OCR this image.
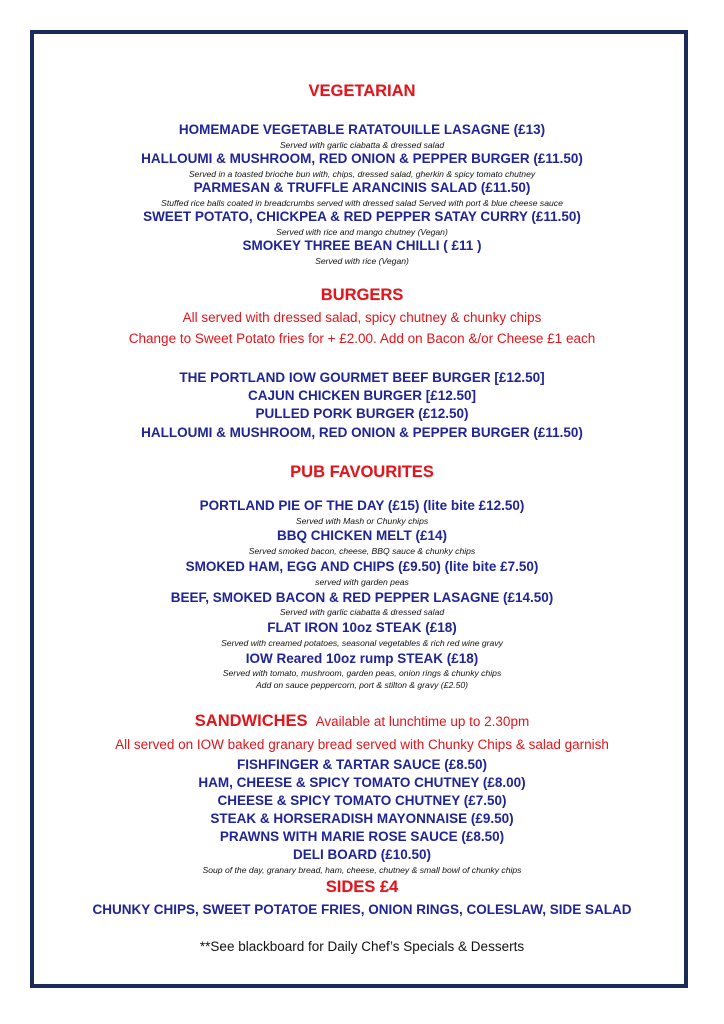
VEGETARIAN
HOMEMADE VEGETABLE RATATOUILLE LASAGNE (£13)
Served with garlic ciabatta & dressed salad
HALLOUMI & MUSHROOM, RED ONION & PEPPER BURGER (£11.50)
Served in a toasted brioche bun with, chips, dressed salad, gherkin & spicy tomato chutney
PARMESAN & TRUFFLE ARANCINIS SALAD (£11.50)
Stuffed rice balls coated in breadcrumbs served with dressed salad Served with port & blue cheese sauce
SWEET POTATO, CHICKPEA & RED PEPPER SATAY CURRY (£11.50)
Served with rice and mango chutney (Vegan)
SMOKEY THREE BEAN CHILLI ( £11 )
Served with rice (Vegan)
BURGERS
All served with dressed salad, spicy chutney & chunky chips
Change to Sweet Potato fries for + £2.00. Add on Bacon &/or Cheese £1 each
THE PORTLAND IOW GOURMET BEEF BURGER [£12.50]
CAJUN CHICKEN BURGER [£12.50]
PULLED PORK BURGER (£12.50)
HALLOUMI & MUSHROOM, RED ONION & PEPPER BURGER (£11.50)
PUB FAVOURITES
PORTLAND PIE OF THE DAY (£15) (lite bite £12.50)
Served with Mash or Chunky chips
BBQ CHICKEN MELT (£14)
Served smoked bacon, cheese, BBQ sauce & chunky chips
SMOKED HAM, EGG AND CHIPS (£9.50) (lite bite £7.50)
served with garden peas
BEEF, SMOKED BACON & RED PEPPER LASAGNE (£14.50)
Served with garlic ciabatta & dressed salad
FLAT IRON 10oz STEAK (£18)
Served with creamed potatoes, seasonal vegetables & rich red wine gravy
IOW Reared 10oz rump STEAK (£18)
Served with tomato, mushroom, garden peas, onion rings & chunky chips
Add on sauce peppercorn, port & stilton & gravy (£2.50)
SANDWICHES Available at lunchtime up to 2.30pm
All served on IOW baked granary bread served with Chunky Chips & salad garnish
FISHFINGER & TARTAR SAUCE (£8.50)
HAM, CHEESE & SPICY TOMATO CHUTNEY (£8.00)
CHEESE & SPICY TOMATO CHUTNEY (£7.50)
STEAK & HORSERADISH MAYONNAISE (£9.50)
PRAWNS WITH MARIE ROSE SAUCE (£8.50)
DELI BOARD (£10.50)
Soup of the day, granary bread, ham, cheese, chutney & small bowl of chunky chips
SIDES £4
CHUNKY CHIPS, SWEET POTATOE FRIES, ONION RINGS, COLESLAW, SIDE SALAD
**See blackboard for Daily Chef’s Specials & Desserts
